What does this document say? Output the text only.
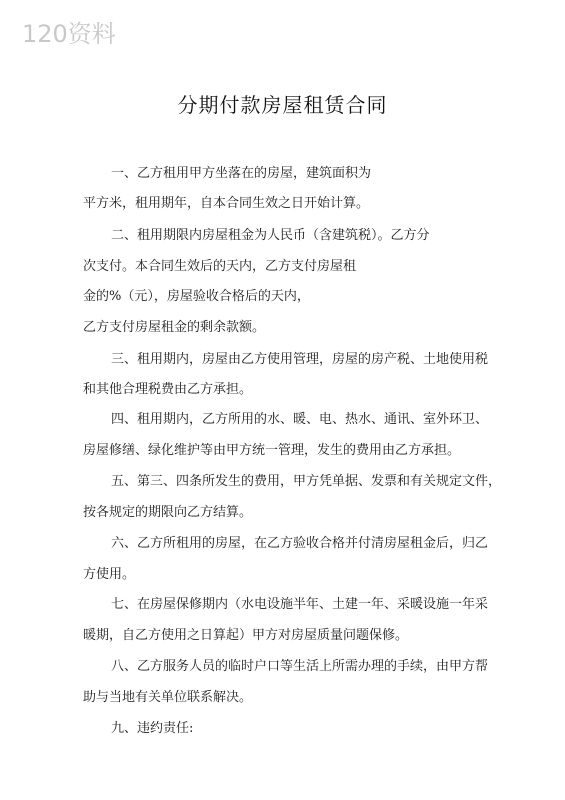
120资料
分期付款房屋租赁合同
一、乙方租用甲方坐落在的房屋，建筑面积为
平方米，租用期年，自本合同生效之日开始计算。
二、租用期限内房屋租金为人民币（含建筑税）。乙方分
次支付。本合同生效后的天内，乙方支付房屋租
金的%（元），房屋验收合格后的天内，
乙方支付房屋租金的剩余款额。
三、租用期内，房屋由乙方使用管理，房屋的房产税、土地使用税
和其他合理税费由乙方承担。
四、租用期内，乙方所用的水、暖、电、热水、通讯、室外环卫、
房屋修缮、绿化维护等由甲方统一管理，发生的费用由乙方承担。
五、第三、四条所发生的费用，甲方凭单据、发票和有关规定文件，
按各规定的期限向乙方结算。
六、乙方所租用的房屋，在乙方验收合格并付清房屋租金后，归乙
方使用。
七、在房屋保修期内（水电设施半年、土建一年、采暖设施一年采
暖期，自乙方使用之日算起）甲方对房屋质量问题保修。
八、乙方服务人员的临时户口等生活上所需办理的手续，由甲方帮
助与当地有关单位联系解决。
九、违约责任:
